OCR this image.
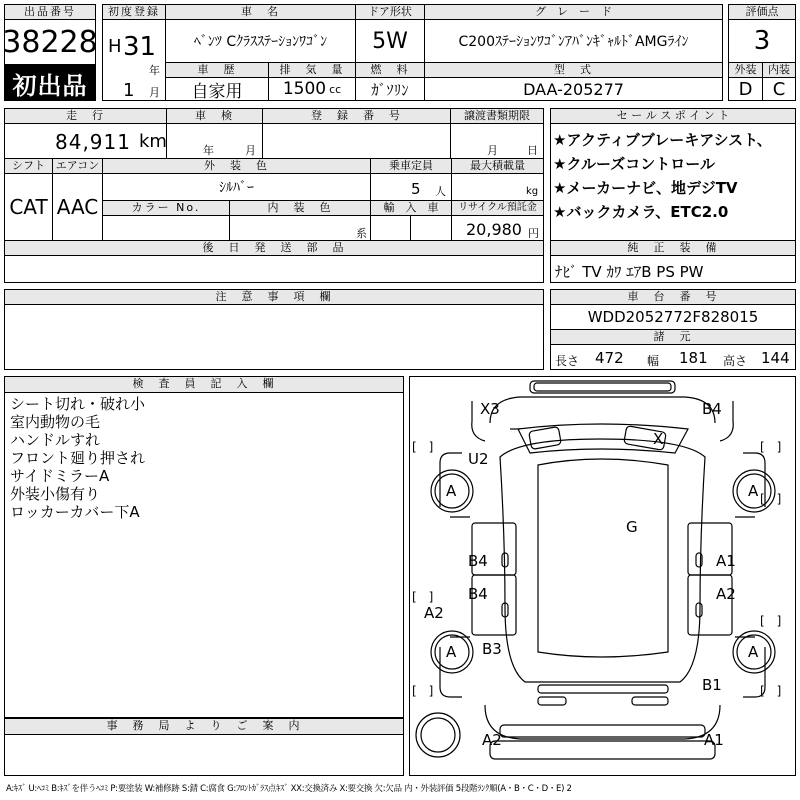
出品番号
38228
初出品
初度登録
H 31
年
1 月
車　名
ﾍﾞﾝﾂ Cｸﾗｽｽﾃｰｼｮﾝﾜｺﾞﾝ
ドア形状
5W
グ　レ　ー　ド
C200ｽﾃｰｼｮﾝﾜｺﾞﾝｱﾊﾞﾝｷﾞｬﾙﾄﾞAMGﾗｲﾝ
評価点
3
外装	内装
D	C
車　歴
自家用
排　気　量
1500 cc
燃　料
ｶﾞｿﾘﾝ
型　式
DAA-205277
走　行
84,911 km
車　検
年	月
登　録　番　号	譲渡書類期限
月	日
シフト
CAT
エアコン
AAC
外　装　色
ｼﾙﾊﾞｰ
乗車定員
5 人
最大積載量
kg
カラー No.	内　装　色
系
輸　入　車	リサイクル預託金
20,980 円
後　日　発　送　部　品
セ ー ル ス ポ イ ン ト
★アクティブブレーキアシスト、
★クルーズコントロール
★メーカーナビ、地デジTV
★バックカメラ、ETC2.0
純　正　装　備
ﾅﾋﾞ TV ｶﾜ ｴｱB PS PW
注　意　事　項　欄	車　台　番　号
WDD2052772F828015
諸　元
長さ 472 幅 181 高さ 144
検　査　員　記　入　欄
シート切れ・破れ小
室内動物の毛
ハンドルすれ
フロント廻り押され
サイドミラーA
外装小傷有り
ロッカーカバー下A
事　務　局　よ　り　ご　案　内
X3	B4
X
U2
G
B4	A1
B4	A2
A2
B3
B1
A2	A1
A	A
A	A
[　]	[　]
[　]
[　]
[　]
[　]	[　]
A:ｷｽﾞ U:ﾍｺﾐ B:ｷｽﾞを伴うﾍｺﾐ P:要塗装 W:補修跡 S:錆 C:腐食 G:ﾌﾛﾝﾄｶﾞﾗｽ点ｷｽﾞ XX:交換済み X:要交換 欠:欠品 内・外装評価 5段階ﾗﾝｸ順(A・B・C・D・E) 2
